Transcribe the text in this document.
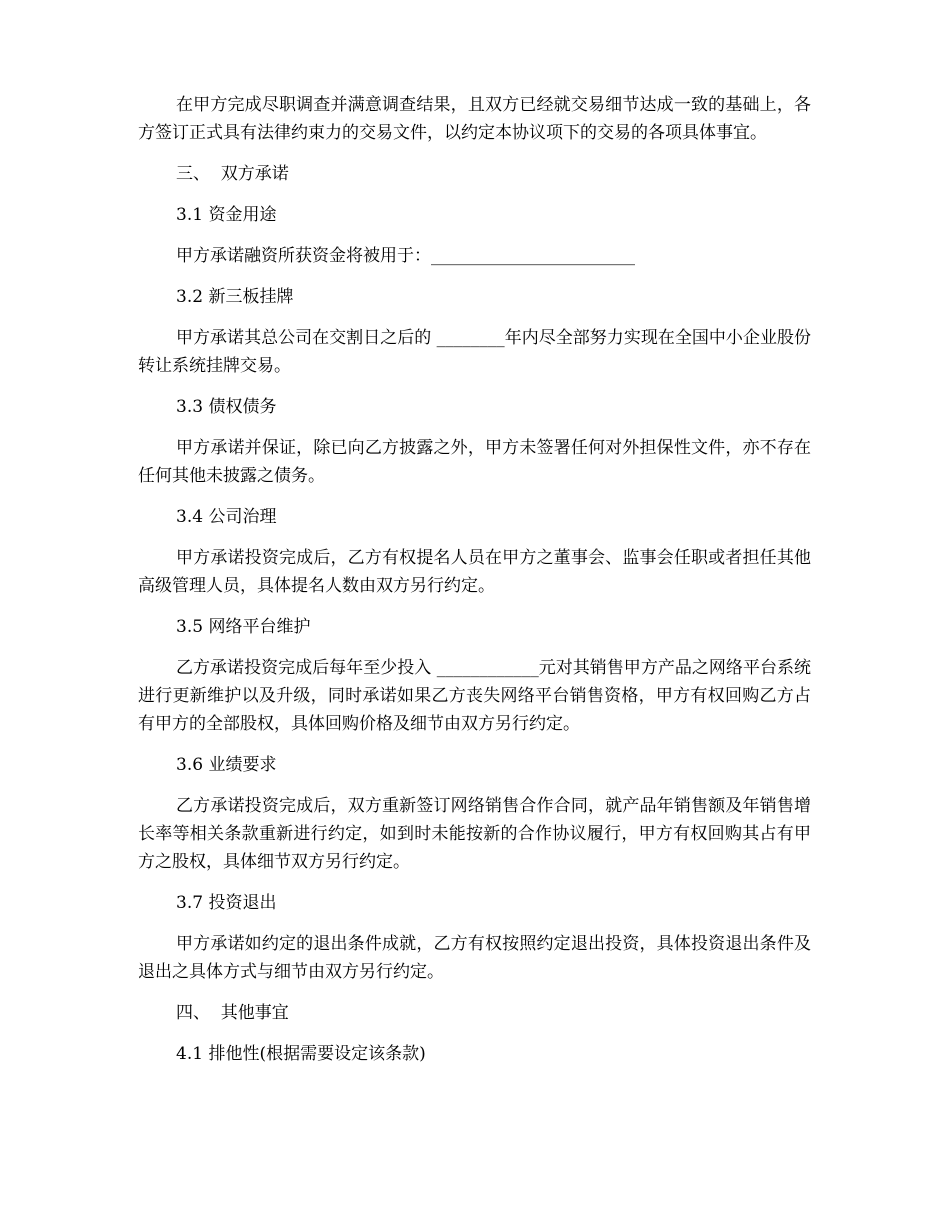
在甲方完成尽职调查并满意调查结果，且双方已经就交易细节达成一致的基础上，各方签订正式具有法律约束力的交易文件，以约定本协议项下的交易的各项具体事宜。

三、  双方承诺

3.1 资金用途

甲方承诺融资所获资金将被用于：________________________

3.2 新三板挂牌

甲方承诺其总公司在交割日之后的 ________年内尽全部努力实现在全国中小企业股份转让系统挂牌交易。

3.3 债权债务

甲方承诺并保证，除已向乙方披露之外，甲方未签署任何对外担保性文件，亦不存在任何其他未披露之债务。

3.4 公司治理

甲方承诺投资完成后，乙方有权提名人员在甲方之董事会、监事会任职或者担任其他高级管理人员，具体提名人数由双方另行约定。

3.5 网络平台维护

乙方承诺投资完成后每年至少投入 ____________元对其销售甲方产品之网络平台系统进行更新维护以及升级，同时承诺如果乙方丧失网络平台销售资格，甲方有权回购乙方占有甲方的全部股权，具体回购价格及细节由双方另行约定。

3.6 业绩要求

乙方承诺投资完成后，双方重新签订网络销售合作合同，就产品年销售额及年销售增长率等相关条款重新进行约定，如到时未能按新的合作协议履行，甲方有权回购其占有甲方之股权，具体细节双方另行约定。

3.7 投资退出

甲方承诺如约定的退出条件成就，乙方有权按照约定退出投资，具体投资退出条件及退出之具体方式与细节由双方另行约定。

四、  其他事宜

4.1 排他性(根据需要设定该条款)
